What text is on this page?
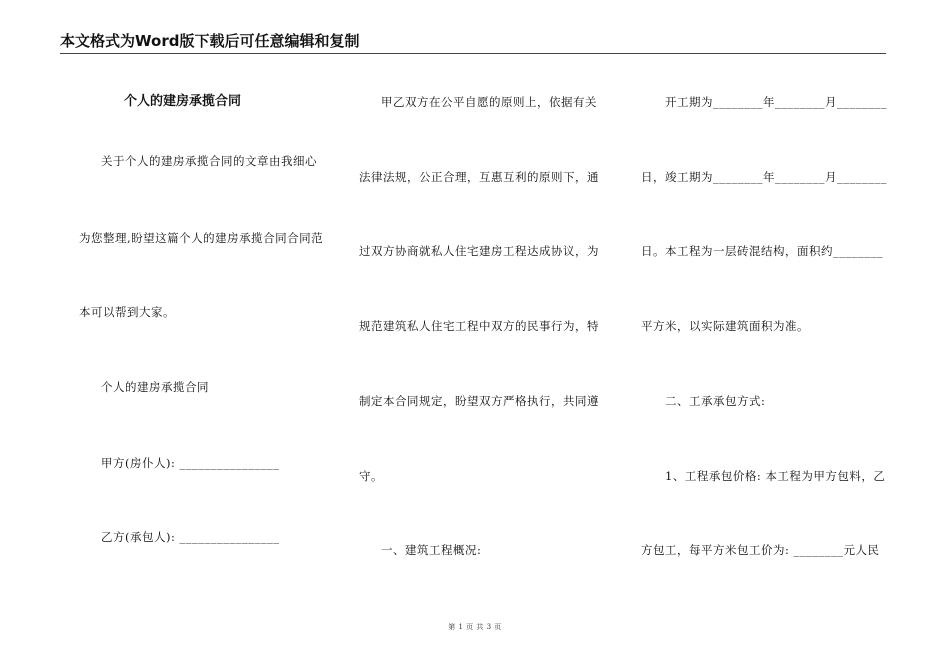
本文格式为Word版下载后可任意编辑和复制
个人的建房承揽合同
关于个人的建房承揽合同的文章由我细心
为您整理,盼望这篇个人的建房承揽合同合同范
本可以帮到大家。
个人的建房承揽合同
甲方(房仆人): ________________
乙方(承包人): ________________
甲乙双方在公平自愿的原则上，依据有关
法律法规，公正合理，互惠互利的原则下，通
过双方协商就私人住宅建房工程达成协议，为
规范建筑私人住宅工程中双方的民事行为，特
制定本合同规定，盼望双方严格执行，共同遵
守。
一、建筑工程概况:
开工期为________年________月________
日，竣工期为________年________月________
日。本工程为一层砖混结构，面积约________
平方米，以实际建筑面积为准。
二、工承承包方式:
1、工程承包价格: 本工程为甲方包料，乙
方包工，每平方米包工价为: ________元人民
第 1 页 共 3 页
